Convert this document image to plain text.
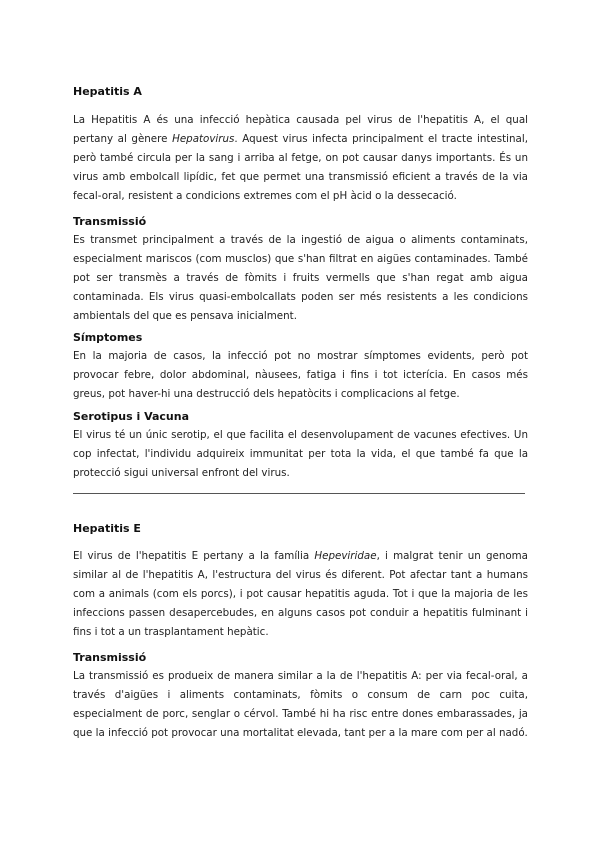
Hepatitis A

La Hepatitis A és una infecció hepàtica causada pel virus de l'hepatitis A, el qual pertany al gènere Hepatovirus. Aquest virus infecta principalment el tracte intestinal, però també circula per la sang i arriba al fetge, on pot causar danys importants. És un virus amb embolcall lipídic, fet que permet una transmissió eficient a través de la via fecal-oral, resistent a condicions extremes com el pH àcid o la dessecació.

Transmissió

Es transmet principalment a través de la ingestió de aigua o aliments contaminats, especialment mariscos (com musclos) que s'han filtrat en aigües contaminades. També pot ser transmès a través de fòmits i fruits vermells que s'han regat amb aigua contaminada. Els virus quasi-embolcallats poden ser més resistents a les condicions ambientals del que es pensava inicialment.

Símptomes

En la majoria de casos, la infecció pot no mostrar símptomes evidents, però pot provocar febre, dolor abdominal, nàusees, fatiga i fins i tot icterícia. En casos més greus, pot haver-hi una destrucció dels hepatòcits i complicacions al fetge.

Serotipus i Vacuna

El virus té un únic serotip, el que facilita el desenvolupament de vacunes efectives. Un cop infectat, l'individu adquireix immunitat per tota la vida, el que també fa que la protecció sigui universal enfront del virus.

Hepatitis E

El virus de l'hepatitis E pertany a la família Hepeviridae, i malgrat tenir un genoma similar al de l'hepatitis A, l'estructura del virus és diferent. Pot afectar tant a humans com a animals (com els porcs), i pot causar hepatitis aguda. Tot i que la majoria de les infeccions passen desapercebudes, en alguns casos pot conduir a hepatitis fulminant i fins i tot a un trasplantament hepàtic.

Transmissió

La transmissió es produeix de manera similar a la de l'hepatitis A: per via fecal-oral, a través d'aigües i aliments contaminats, fòmits o consum de carn poc cuita, especialment de porc, senglar o cérvol. També hi ha risc entre dones embarassades, ja que la infecció pot provocar una mortalitat elevada, tant per a la mare com per al nadó.
